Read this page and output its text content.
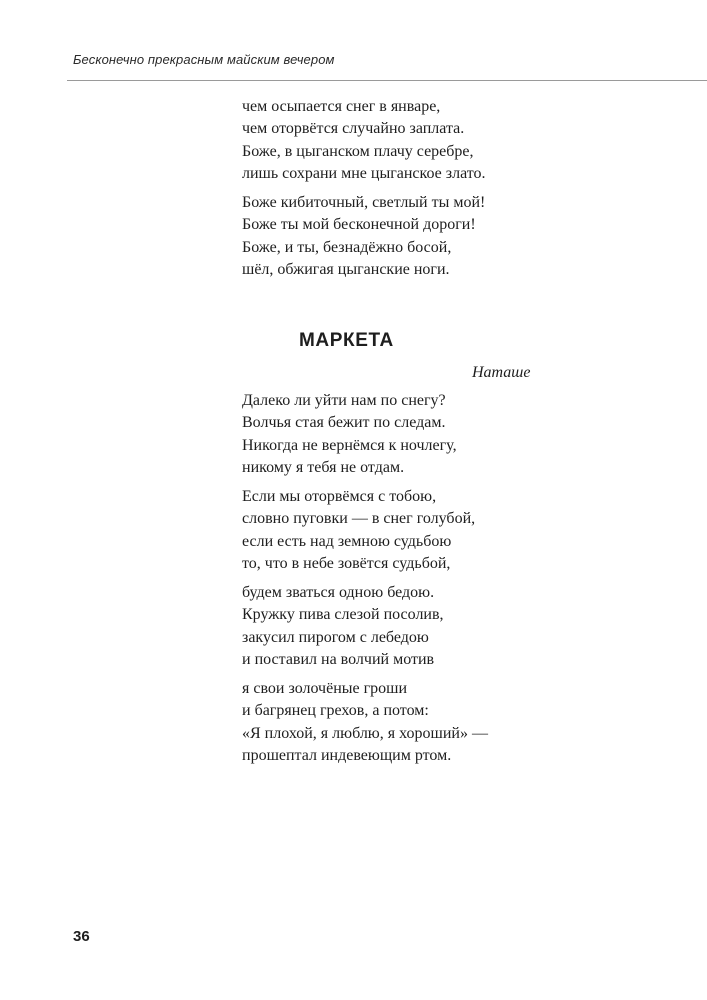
Бесконечно прекрасным майским вечером
чем осыпается снег в январе,
чем оторвётся случайно заплата.
Боже, в цыганском плачу серебре,
лишь сохрани мне цыганское злато.
Боже кибиточный, светлый ты мой!
Боже ты мой бесконечной дороги!
Боже, и ты, безнадёжно босой,
шёл, обжигая цыганские ноги.
МАРКЕТА
Наташе
Далеко ли уйти нам по снегу?
Волчья стая бежит по следам.
Никогда не вернёмся к ночлегу,
никому я тебя не отдам.
Если мы оторвёмся с тобою,
словно пуговки — в снег голубой,
если есть над земною судьбою
то, что в небе зовётся судьбой,
будем зваться одною бедою.
Кружку пива слезой посолив,
закусил пирогом с лебедою
и поставил на волчий мотив
я свои золочёные гроши
и багрянец грехов, а потом:
«Я плохой, я люблю, я хороший» —
прошептал индевеющим ртом.
36
